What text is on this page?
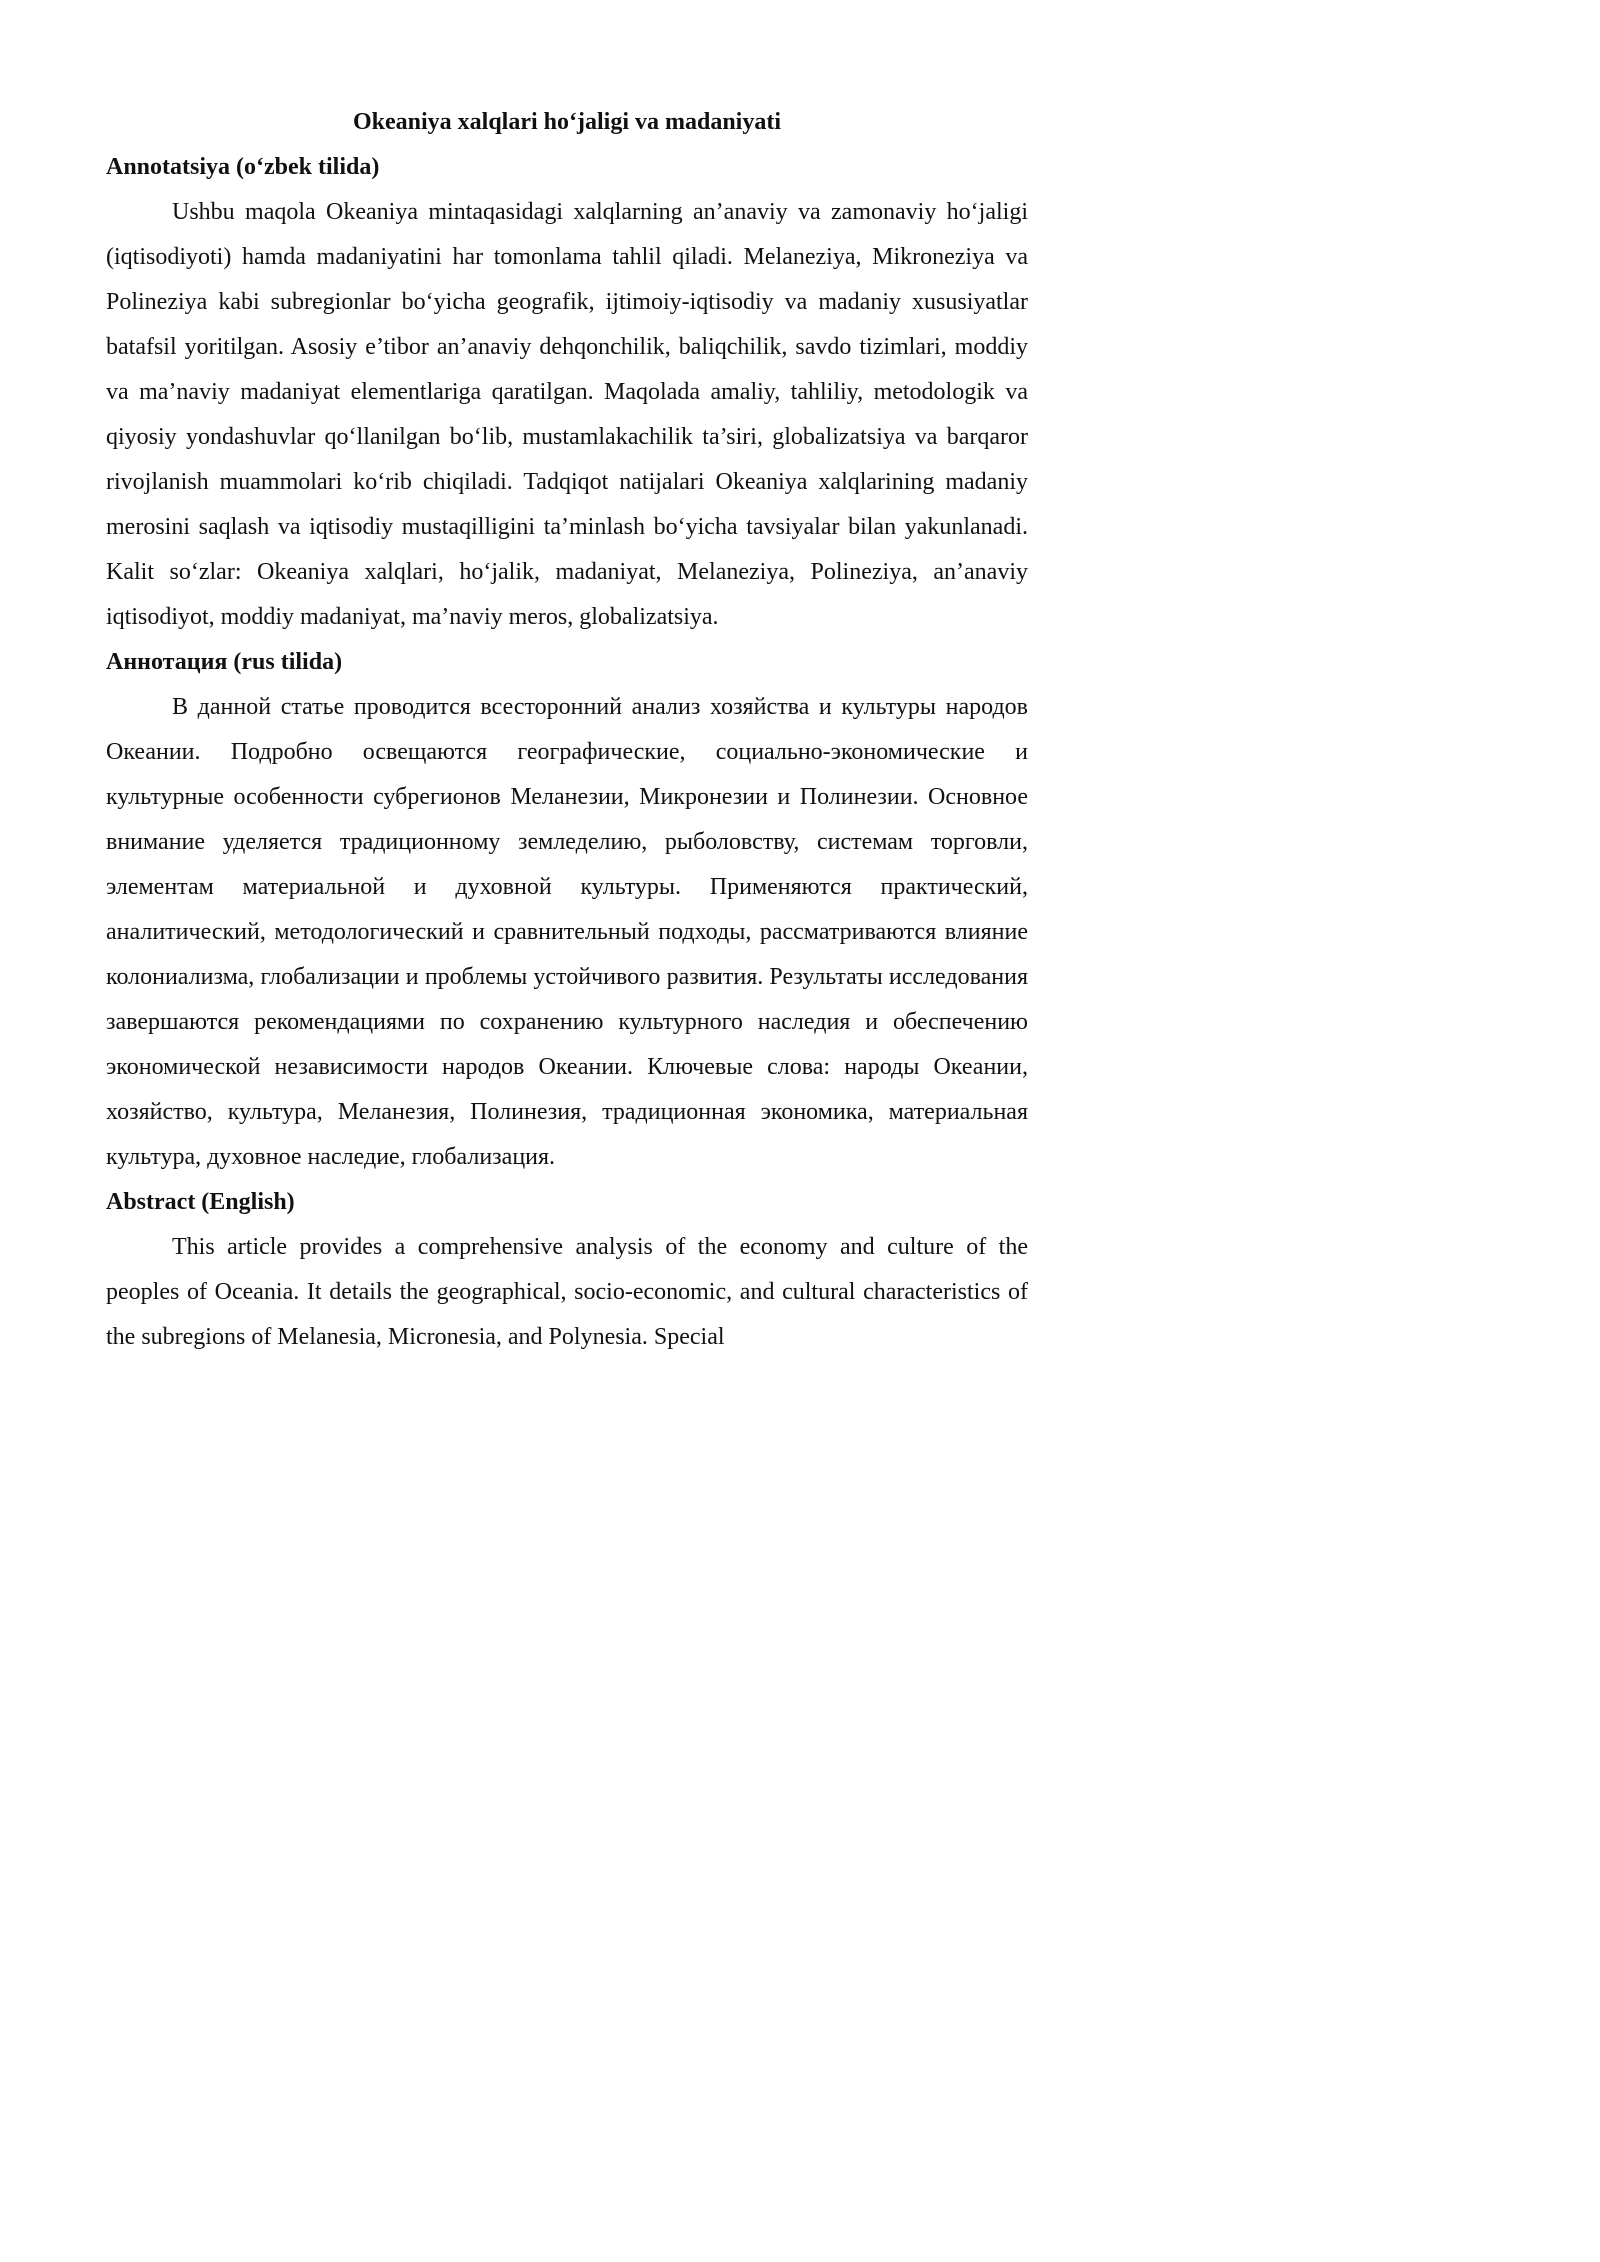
Okeaniya xalqlari ho‘jaligi va madaniyati
Annotatsiya (o‘zbek tilida)

Ushbu maqola Okeaniya mintaqasidagi xalqlarning an’anaviy va zamonaviy ho‘jaligi (iqtisodiyoti) hamda madaniyatini har tomonlama tahlil qiladi. Melaneziya, Mikroneziya va Polineziya kabi subregionlar bo‘yicha geografik, ijtimoiy-iqtisodiy va madaniy xususiyatlar batafsil yoritilgan. Asosiy e’tibor an’anaviy dehqonchilik, baliqchilik, savdo tizimlari, moddiy va ma’naviy madaniyat elementlariga qaratilgan. Maqolada amaliy, tahliliy, metodologik va qiyosiy yondashuvlar qo‘llanilgan bo‘lib, mustamlakachilik ta’siri, globalizatsiya va barqaror rivojlanish muammolari ko‘rib chiqiladi. Tadqiqot natijalari Okeaniya xalqlarining madaniy merosini saqlash va iqtisodiy mustaqilligini ta’minlash bo‘yicha tavsiyalar bilan yakunlanadi. Kalit so‘zlar: Okeaniya xalqlari, ho‘jalik, madaniyat, Melaneziya, Polineziya, an’anaviy iqtisodiyot, moddiy madaniyat, ma’naviy meros, globalizatsiya.

Аннотация (rus tilida)

В данной статье проводится всесторонний анализ хозяйства и культуры народов Океании. Подробно освещаются географические, социально-экономические и культурные особенности субрегионов Меланезии, Микронезии и Полинезии. Основное внимание уделяется традиционному земледелию, рыболовству, системам торговли, элементам материальной и духовной культуры. Применяются практический, аналитический, методологический и сравнительный подходы, рассматриваются влияние колониализма, глобализации и проблемы устойчивого развития. Результаты исследования завершаются рекомендациями по сохранению культурного наследия и обеспечению экономической независимости народов Океании. Ключевые слова: народы Океании, хозяйство, культура, Меланезия, Полинезия, традиционная экономика, материальная культура, духовное наследие, глобализация.

Abstract (English)

This article provides a comprehensive analysis of the economy and culture of the peoples of Oceania. It details the geographical, socio-economic, and cultural characteristics of the subregions of Melanesia, Micronesia, and Polynesia. Special
